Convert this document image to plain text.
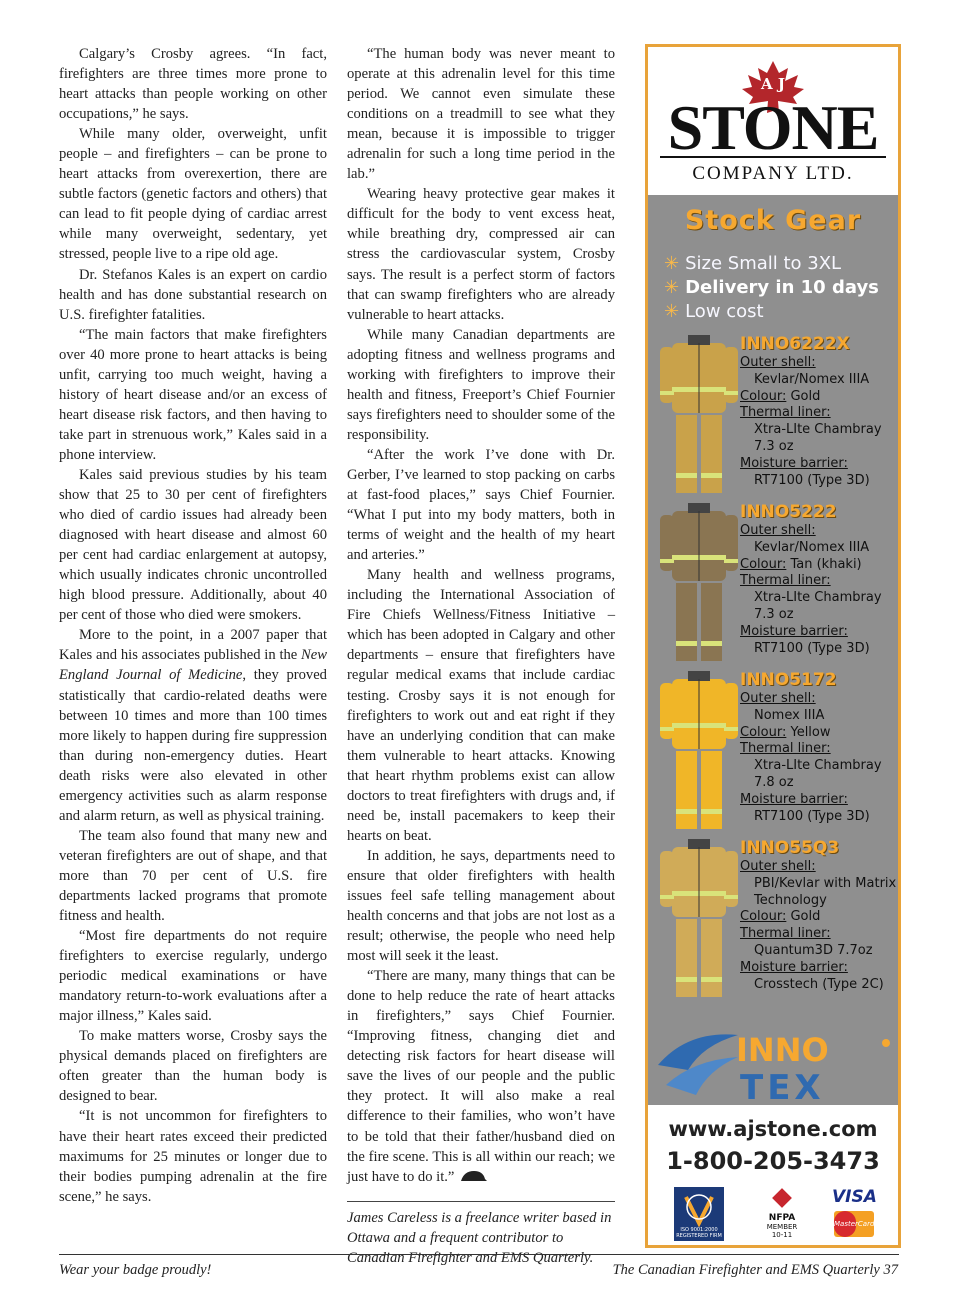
Calgary’s Crosby agrees. “In fact, firefighters are three times more prone to heart attacks than people working on other occupations,” he says.

While many older, overweight, unfit people – and firefighters – can be prone to heart attacks from overexertion, there are subtle factors (genetic factors and others) that can lead to fit people dying of cardiac arrest while many overweight, sedentary, yet stressed, people live to a ripe old age.

Dr. Stefanos Kales is an expert on cardio health and has done substantial research on U.S. firefighter fatalities.

“The main factors that make firefighters over 40 more prone to heart attacks is being unfit, carrying too much weight, having a history of heart disease and/or an excess of heart disease risk factors, and then having to take part in strenuous work,” Kales said in a phone interview.

Kales said previous studies by his team show that 25 to 30 per cent of firefighters who died of cardio issues had already been diagnosed with heart disease and almost 60 per cent had cardiac enlargement at autopsy, which usually indicates chronic uncontrolled high blood pressure. Additionally, about 40 per cent of those who died were smokers.

More to the point, in a 2007 paper that Kales and his associates published in the New England Journal of Medicine, they proved statistically that cardio-related deaths were between 10 times and more than 100 times more likely to happen during fire suppression than during non-emergency duties. Heart death risks were also elevated in other emergency activities such as alarm response and alarm return, as well as physical training.

The team also found that many new and veteran firefighters are out of shape, and that more than 70 per cent of U.S. fire departments lacked programs that promote fitness and health.

“Most fire departments do not require firefighters to exercise regularly, undergo periodic medical examinations or have mandatory return-to-work evaluations after a major illness,” Kales said.

To make matters worse, Crosby says the physical demands placed on firefighters are often greater than the human body is designed to bear.

“It is not uncommon for firefighters to have their heart rates exceed their predicted maximums for 25 minutes or longer due to their bodies pumping adrenalin at the fire scene,” he says.

“The human body was never meant to operate at this adrenalin level for this time period. We cannot even simulate these conditions on a treadmill to see what they mean, because it is impossible to trigger adrenalin for such a long time period in the lab.”

Wearing heavy protective gear makes it difficult for the body to vent excess heat, while breathing dry, compressed air can stress the cardiovascular system, Crosby says. The result is a perfect storm of factors that can swamp firefighters who are already vulnerable to heart attacks.

While many Canadian departments are adopting fitness and wellness programs and working with firefighters to improve their health and fitness, Freeport’s Chief Fournier says firefighters need to shoulder some of the responsibility.

“After the work I’ve done with Dr. Gerber, I’ve learned to stop packing on carbs at fast-food places,” says Chief Fournier. “What I put into my body matters, both in terms of weight and the health of my heart and arteries.”

Many health and wellness programs, including the International Association of Fire Chiefs Wellness/Fitness Initiative – which has been adopted in Calgary and other departments – ensure that firefighters have regular medical exams that include cardiac testing. Crosby says it is not enough for firefighters to work out and eat right if they have an underlying condition that can make them vulnerable to heart attacks. Knowing that heart rhythm problems exist can allow doctors to treat firefighters with drugs and, if need be, install pacemakers to keep their hearts on beat.

In addition, he says, departments need to ensure that older firefighters with health issues feel safe telling management about health concerns and that jobs are not lost as a result; otherwise, the people who need help most will seek it the least.

“There are many, many things that can be done to help reduce the rate of heart attacks in firefighters,” says Chief Fournier. “Improving fitness, changing diet and detecting risk factors for heart disease will save the lives of our people and the public they protect. It will also make a real difference to their families, who won’t have to be told that their father/husband died on the fire scene. This is all within our reach; we just have to do it.”

James Careless is a freelance writer based in Ottawa and a frequent contributor to Canadian Firefighter and EMS Quarterly.

A J
STONE
COMPANY LTD.
Stock Gear
✳ Size Small to 3XL
✳ Delivery in 10 days
✳ Low cost
INNO6222X
Outer shell:
Kevlar/Nomex IIIA
Colour: Gold
Thermal liner:
Xtra-LIte Chambray 7.3 oz
Moisture barrier:
RT7100 (Type 3D)
INNO5222
Outer shell:
Kevlar/Nomex IIIA
Colour: Tan (khaki)
Thermal liner:
Xtra-LIte Chambray 7.3 oz
Moisture barrier:
RT7100 (Type 3D)
INNO5172
Outer shell:
Nomex IIIA
Colour: Yellow
Thermal liner:
Xtra-LIte Chambray 7.8 oz
Moisture barrier:
RT7100 (Type 3D)
INNO55Q3
Outer shell:
PBI/Kevlar with Matrix Technology
Colour: Gold
Thermal liner:
Quantum3D 7.7oz
Moisture barrier:
Crosstech (Type 2C)
INNO
TEX
www.ajstone.com
1-800-205-3473
ISO 9001:2000 REGISTERED FIRM
NFPA
MEMBER
10-11
VISA
MasterCard
Wear your badge proudly!	The Canadian Firefighter and EMS Quarterly 37
